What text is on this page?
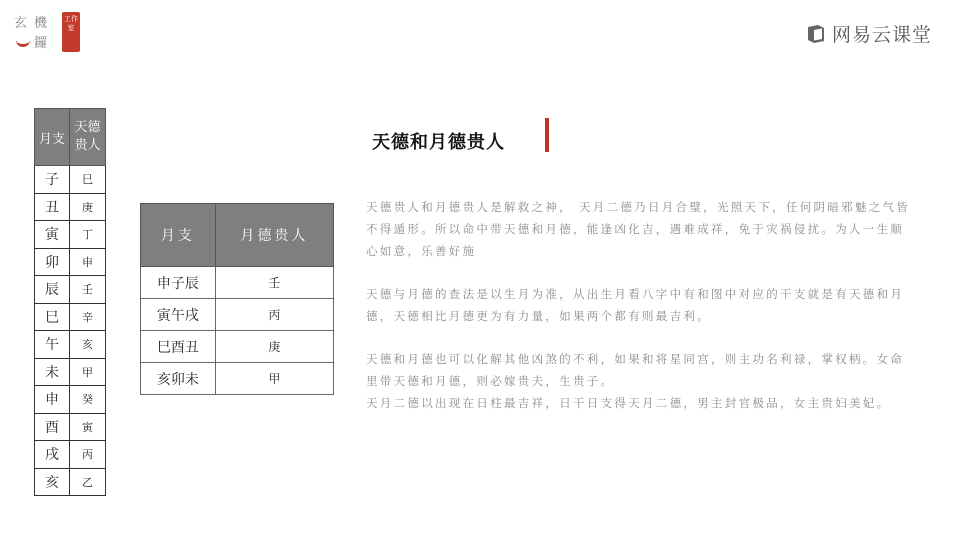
玄 機
鑼
工作室	网易云课堂
月支	天德贵人
子	巳
丑	庚
寅	丁
卯	申
辰	壬
巳	辛
午	亥
未	甲
申	癸
酉	寅
戌	丙
亥	乙
月支	月德贵人
申子辰	壬
寅午戌	丙
巳酉丑	庚
亥卯未	甲
天德和月德贵人

天德贵人和月德贵人是解救之神， 天月二德乃日月合璧，光照天下，任何阴暗邪魅之气皆不得遁形。所以命中带天德和月德，能逢凶化吉，遇难成祥，免于灾祸侵扰。为人一生顺心如意，乐善好施

天德与月德的查法是以生月为准，从出生月看八字中有和图中对应的干支就是有天德和月德，天德相比月德更为有力量，如果两个都有则最吉利。

天德和月德也可以化解其他凶煞的不利，如果和将星同宫，则主功名利禄，掌权柄。女命里带天德和月德，则必嫁贵夫，生贵子。
天月二德以出现在日柱最吉祥，日干日支得天月二德，男主封官极品，女主贵妇美妃。
